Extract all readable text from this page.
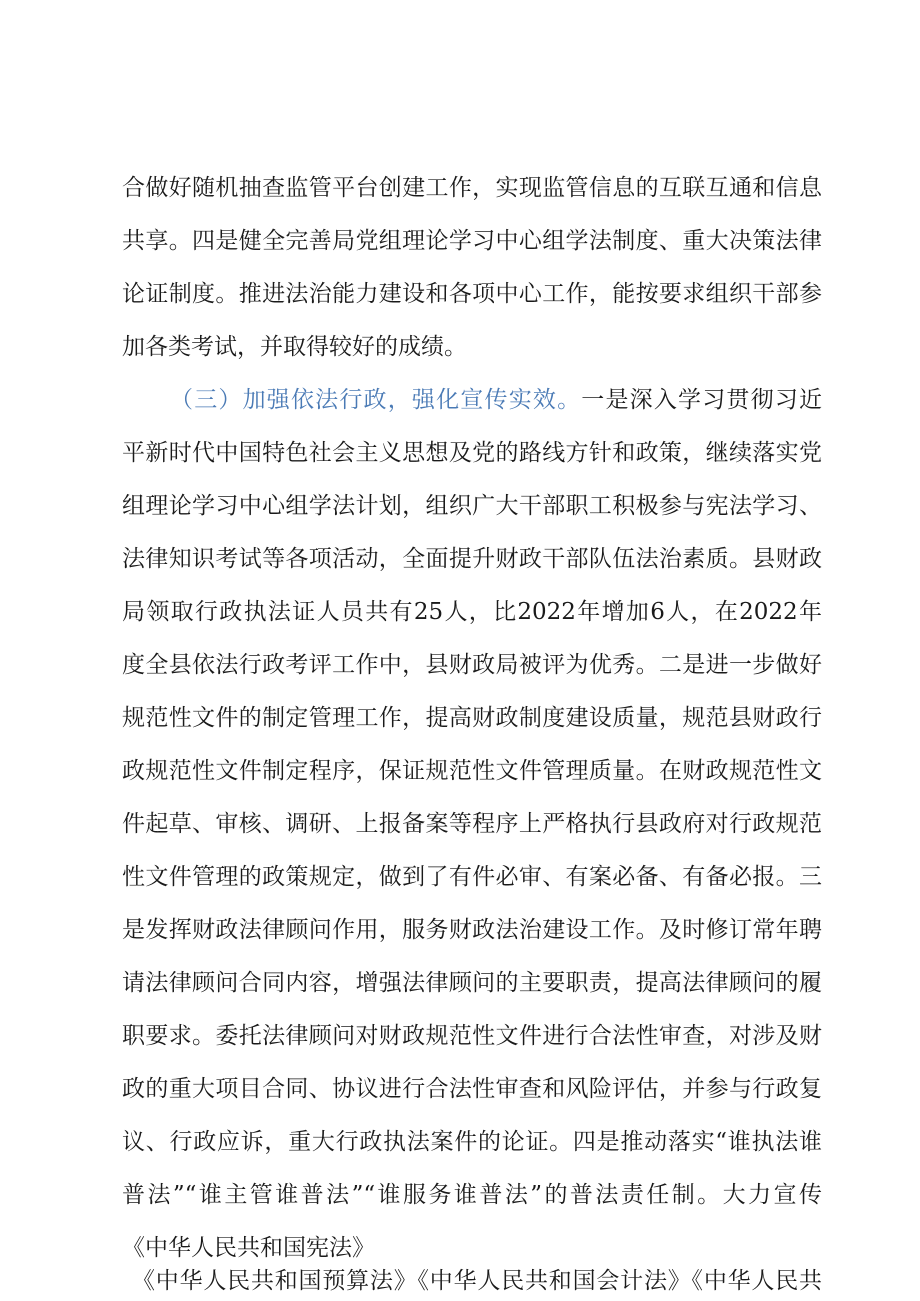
合做好随机抽查监管平台创建工作，实现监管信息的互联互通和信息
共享。四是健全完善局党组理论学习中心组学法制度、重大决策法律
论证制度。推进法治能力建设和各项中心工作，能按要求组织干部参
加各类考试，并取得较好的成绩。
（三）加强依法行政，强化宣传实效。一是深入学习贯彻习近
平新时代中国特色社会主义思想及党的路线方针和政策，继续落实党
组理论学习中心组学法计划，组织广大干部职工积极参与宪法学习、
法律知识考试等各项活动，全面提升财政干部队伍法治素质。县财政
局领取行政执法证人员共有25人，比2022年增加6人，在2022年
度全县依法行政考评工作中，县财政局被评为优秀。二是进一步做好
规范性文件的制定管理工作，提高财政制度建设质量，规范县财政行
政规范性文件制定程序，保证规范性文件管理质量。在财政规范性文
件起草、审核、调研、上报备案等程序上严格执行县政府对行政规范
性文件管理的政策规定，做到了有件必审、有案必备、有备必报。三
是发挥财政法律顾问作用，服务财政法治建设工作。及时修订常年聘
请法律顾问合同内容，增强法律顾问的主要职责，提高法律顾问的履
职要求。委托法律顾问对财政规范性文件进行合法性审查，对涉及财
政的重大项目合同、协议进行合法性审查和风险评估，并参与行政复
议、行政应诉，重大行政执法案件的论证。四是推动落实“谁执法谁
普法”“谁主管谁普法”“谁服务谁普法”的普法责任制。大力宣传
《中华人民共和国宪法》
《中华人民共和国预算法》《中华人民共和国会计法》《中华人民共
